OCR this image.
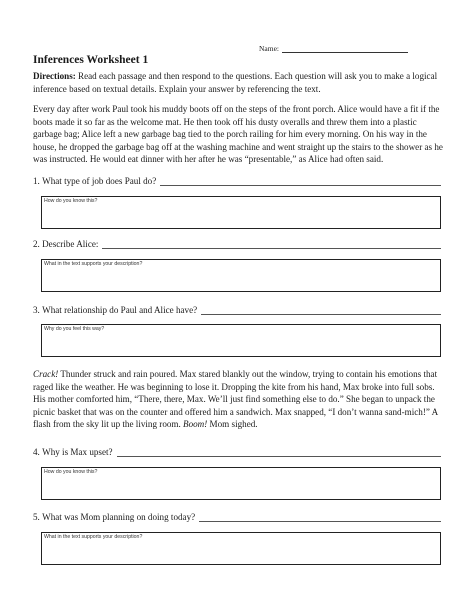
Name:
Inferences Worksheet 1

Directions: Read each passage and then respond to the questions. Each question will ask you to make a logical inference based on textual details. Explain your answer by referencing the text.

Every day after work Paul took his muddy boots off on the steps of the front porch. Alice would have a fit if the boots made it so far as the welcome mat. He then took off his dusty overalls and threw them into a plastic garbage bag; Alice left a new garbage bag tied to the porch railing for him every morning. On his way in the house, he dropped the garbage bag off at the washing machine and went straight up the stairs to the shower as he was instructed. He would eat dinner with her after he was “presentable,” as Alice had often said.

1.
What type of job does Paul do?
How do you know this?
2.
Describe Alice:
What in the text supports your description?
3.
What relationship do Paul and Alice have?
Why do you feel this way?

Crack! Thunder struck and rain poured. Max stared blankly out the window, trying to contain his emotions that raged like the weather. He was beginning to lose it. Dropping the kite from his hand, Max broke into full sobs. His mother comforted him, “There, there, Max. We’ll just find something else to do.” She began to unpack the picnic basket that was on the counter and offered him a sandwich. Max snapped, “I don’t wanna sand-mich!” A flash from the sky lit up the living room. Boom! Mom sighed.

4.
Why is Max upset?
How do you know this?
5.
What was Mom planning on doing today?
What in the text supports your description?
